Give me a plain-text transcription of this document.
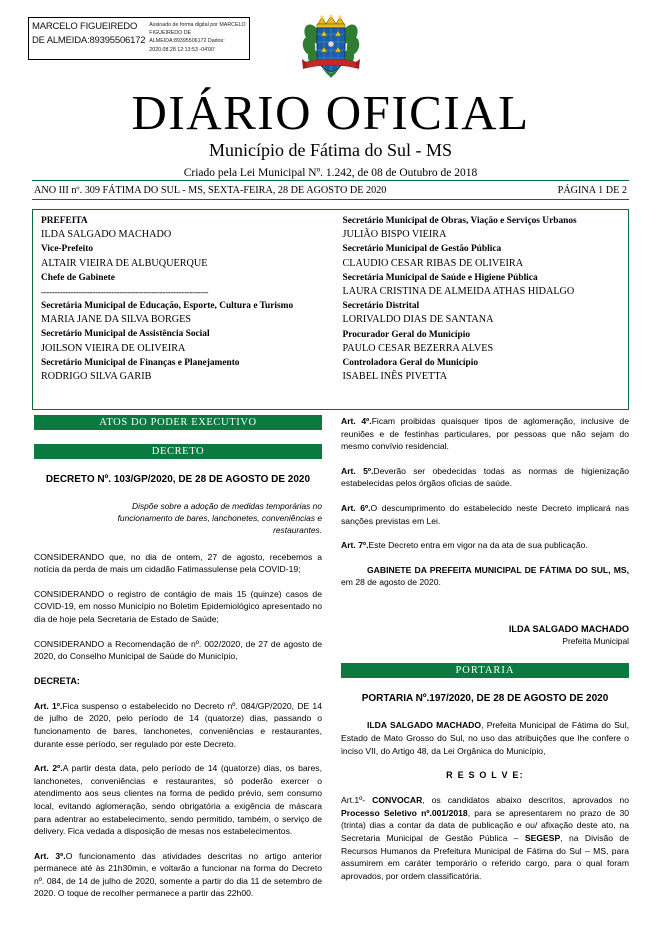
MARCELO FIGUEIREDO DE ALMEIDA:89395506172
Assinado de forma digital por MARCELO FIGUEIREDO DE ALMEIDA:89395506172 Dados: 2020.08.28 12:13:53 -04'00'
DIÁRIO OFICIAL
Município de Fátima do Sul - MS
Criado pela Lei Municipal Nº. 1.242, de 08 de Outubro de 2018
ANO III nº. 309 FÁTIMA DO SUL - MS, SEXTA-FEIRA, 28 DE AGOSTO DE 2020	PÁGINA 1 DE 2
PREFEITA
ILDA SALGADO MACHADO
Vice-Prefeito
ALTAIR VIEIRA DE ALBUQUERQUE
Chefe de Gabinete
--------------------------------------------------------------
Secretária Municipal de Educação, Esporte, Cultura e Turismo
MARIA JANE DA SILVA BORGES
Secretário Municipal de Assistência Social
JOILSON VIEIRA DE OLIVEIRA
Secretário Municipal de Finanças e Planejamento
RODRIGO SILVA GARIB
Secretário Municipal de Obras, Viação e Serviços Urbanos
JULIÃO BISPO VIEIRA
Secretário Municipal de Gestão Pública
CLAUDIO CESAR RIBAS DE OLIVEIRA
Secretária Municipal de Saúde e Higiene Pública
LAURA CRISTINA DE ALMEIDA ATHAS HIDALGO
Secretário Distrital
LORIVALDO DIAS DE SANTANA
Procurador Geral do Município
PAULO CESAR BEZERRA ALVES
Controladora Geral do Município
ISABEL INÊS PIVETTA
ATOS DO PODER EXECUTIVO
DECRETO
DECRETO Nº. 103/GP/2020, DE 28 DE AGOSTO DE 2020
Dispõe sobre a adoção de medidas temporárias no funcionamento de bares, lanchonetes, conveniências e restaurantes.

CONSIDERANDO que, no dia de ontem, 27 de agosto, recebemos a notícia da perda de mais um cidadão Fatimassulense pela COVID-19;

CONSIDERANDO o registro de contágio de mais 15 (quinze) casos de COVID-19, em nosso Município no Boletim Epidemiológico apresentado no dia de hoje pela Secretaria de Estado de Saúde;

CONSIDERANDO a Recomendação de nº. 002/2020, de 27 de agosto de 2020, do Conselho Municipal de Saúde do Município,

DECRETA:

Art. 1º.Fica suspenso o estabelecido no Decreto nº. 084/GP/2020, DE 14 de julho de 2020, pelo período de 14 (quatorze) dias, passando o funcionamento de bares, lanchonetes, conveniências e restaurantes, durante esse período, ser regulado por este Decreto.

Art. 2º.A partir desta data, pelo período de 14 (quatorze) dias, os bares, lanchonetes, conveniências e restaurantes, só poderão exercer o atendimento aos seus clientes na forma de pedido prévio, sem consumo local, evitando aglomeração, sendo obrigatória a exigência de máscara para adentrar ao estabelecimento, sendo permitido, também, o serviço de delivery. Fica vedada a disposição de mesas nos estabelecimentos.

Art. 3º.O funcionamento das atividades descritas no artigo anterior permanece até às 21h30min, e voltarão a funcionar na forma do Decreto nº. 084, de 14 de julho de 2020, somente a partir do dia 11 de setembro de 2020. O toque de recolher permanece a partir das 22h00.

Art. 4º.Ficam proibidas quaisquer tipos de aglomeração, inclusive de reuniões e de festinhas particulares, por pessoas que não sejam do mesmo convívio residencial.

Art. 5º.Deverão ser obedecidas todas as normas de higienização estabelecidas pelos órgãos oficias de saúde.

Art. 6º.O descumprimento do estabelecido neste Decreto implicará nas sanções previstas em Lei.

Art. 7º.Este Decreto entra em vigor na da ata de sua publicação.

GABINETE DA PREFEITA MUNICIPAL DE FÁTIMA DO SUL, MS, em 28 de agosto de 2020.

ILDA SALGADO MACHADO
Prefeita Municipal
PORTARIA
PORTARIA Nº.197/2020, DE 28 DE AGOSTO DE 2020

ILDA SALGADO MACHADO, Prefeita Municipal de Fátima do Sul, Estado de Mato Grosso do Sul, no uso das atribuições que lhe confere o inciso VII, do Artigo 48, da Lei Orgânica do Município,

R E S O L V E:

Art.1º- CONVOCAR, os candidatos abaixo descritos, aprovados no Processo Seletivo nº.001/2018, para se apresentarem no prazo de 30 (trinta) dias a contar da data de publicação e ou/ afixação deste ato, na Secretaria Municipal de Gestão Pública – SEGESP, na Divisão de Recursos Humanos da Prefeitura Municipal de Fátima do Sul – MS, para assumirem em caráter temporário o referido cargo, para o qual foram aprovados, por ordem classificatória.
